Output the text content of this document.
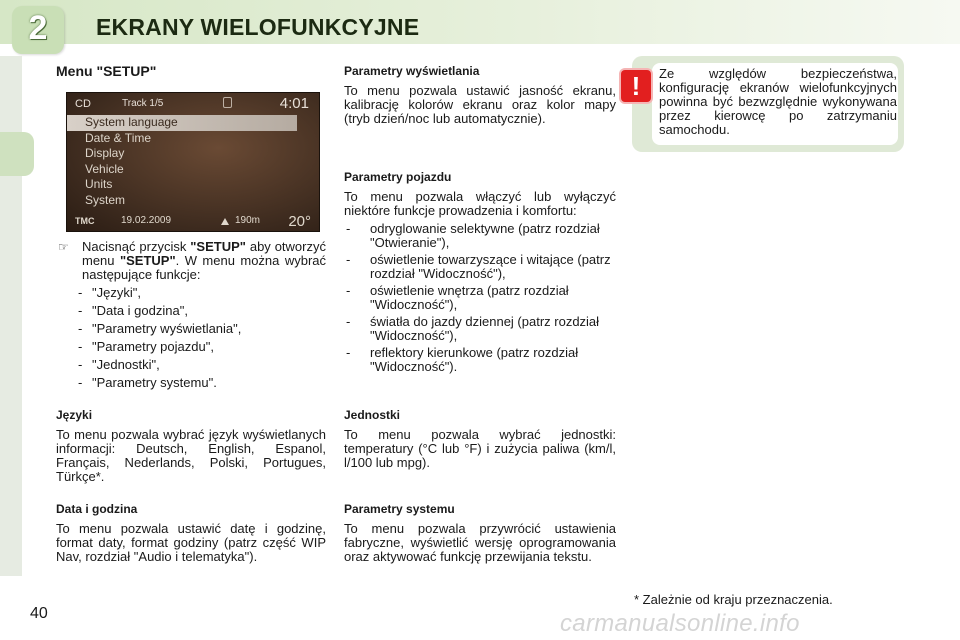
2	EKRANY WIELOFUNKCYJNE
Menu "SETUP"
CD	Track 1/5	4:01
System language
Date & Time
Display
Vehicle
Units
System
TMC	19.02.2009	190m 20°
☞ Nacisnąć przycisk "SETUP" aby otworzyć menu "SETUP". W menu można wybrać następujące funkcje:
- "Języki",
- "Data i godzina",
- "Parametry wyświetlania",
- "Parametry pojazdu",
- "Jednostki",
- "Parametry systemu".
Języki

To menu pozwala wybrać język wyświetlanych informacji: Deutsch, English, Espanol, Français, Nederlands, Polski, Portugues, Türkçe*.

Data i godzina

To menu pozwala ustawić datę i godzinę, format daty, format godziny (patrz część WIP Nav, rozdział "Audio i telematyka").

Parametry wyświetlania

To menu pozwala ustawić jasność ekranu, kalibrację kolorów ekranu oraz kolor mapy (tryb dzień/noc lub automatycznie).

Parametry pojazdu

To menu pozwala włączyć lub wyłączyć niektóre funkcje prowadzenia i komfortu:

- odryglowanie selektywne (patrz rozdział "Otwieranie"),
- oświetlenie towarzyszące i witające (patrz rozdział "Widoczność"),
- oświetlenie wnętrza (patrz rozdział "Widoczność"),
- światła do jazdy dziennej (patrz rozdział "Widoczność"),
- reflektory kierunkowe (patrz rozdział "Widoczność").
Jednostki

To menu pozwala wybrać jednostki: temperatury (°C lub °F) i zużycia paliwa (km/l, l/100 lub mpg).

Parametry systemu

To menu pozwala przywrócić ustawienia fabryczne, wyświetlić wersję oprogramowania oraz aktywować funkcję przewijania tekstu.

!	Ze względów bezpieczeństwa, konfigurację ekranów wielofunkcyjnych powinna być bezwzględnie wykonywana przez kierowcę po zatrzymaniu samochodu.
* Zależnie od kraju przeznaczenia.
40	carmanualsonline.info
